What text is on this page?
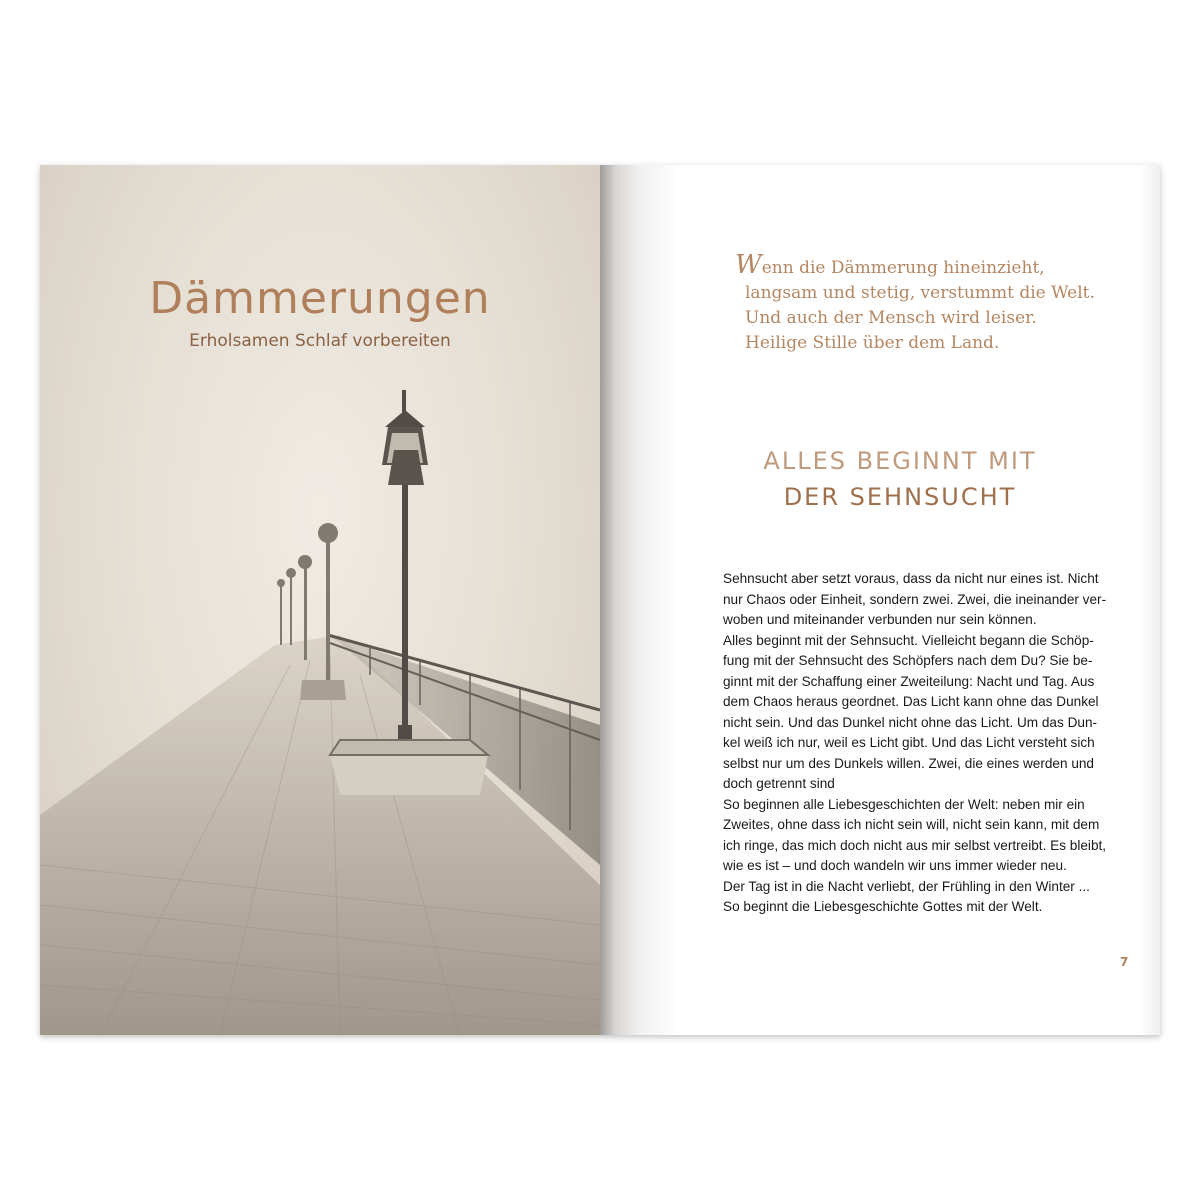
Dämmerungen

Erholsamen Schlaf vorbereiten

Wenn die Dämmerung hineinzieht,
langsam und stetig, verstummt die Welt.
Und auch der Mensch wird leiser.
Heilige Stille über dem Land.
ALLES BEGINNT MIT
DER SEHNSUCHT
Sehnsucht aber setzt voraus, dass da nicht nur eines ist. Nicht
nur Chaos oder Einheit, sondern zwei. Zwei, die ineinander ver-
woben und miteinander verbunden nur sein können.
Alles beginnt mit der Sehnsucht. Vielleicht begann die Schöp-
fung mit der Sehnsucht des Schöpfers nach dem Du? Sie be-
ginnt mit der Schaffung einer Zweiteilung: Nacht und Tag. Aus
dem Chaos heraus geordnet. Das Licht kann ohne das Dunkel
nicht sein. Und das Dunkel nicht ohne das Licht. Um das Dun-
kel weiß ich nur, weil es Licht gibt. Und das Licht versteht sich
selbst nur um des Dunkels willen. Zwei, die eines werden und
doch getrennt sind
So beginnen alle Liebesgeschichten der Welt: neben mir ein
Zweites, ohne dass ich nicht sein will, nicht sein kann, mit dem
ich ringe, das mich doch nicht aus mir selbst vertreibt. Es bleibt,
wie es ist – und doch wandeln wir uns immer wieder neu.
Der Tag ist in die Nacht verliebt, der Frühling in den Winter ...
So beginnt die Liebesgeschichte Gottes mit der Welt.
7
